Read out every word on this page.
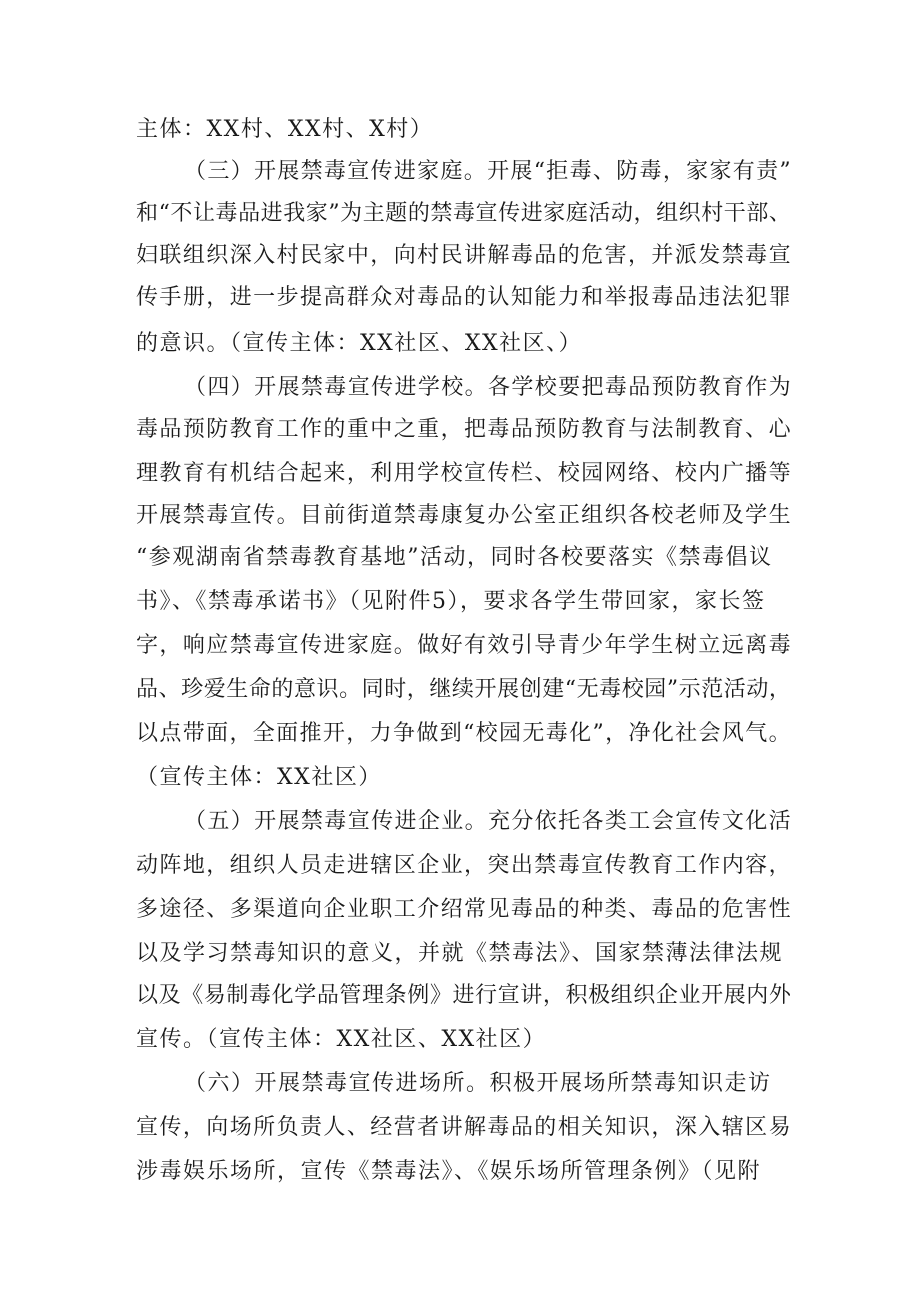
主体：XX村、XX村、X村）
（三）开展禁毒宣传进家庭。开展“拒毒、防毒，家家有责”
和“不让毒品进我家”为主题的禁毒宣传进家庭活动，组织村干部、
妇联组织深入村民家中，向村民讲解毒品的危害，并派发禁毒宣
传手册，进一步提高群众对毒品的认知能力和举报毒品违法犯罪
的意识。（宣传主体：XX社区、XX社区、）
（四）开展禁毒宣传进学校。各学校要把毒品预防教育作为
毒品预防教育工作的重中之重，把毒品预防教育与法制教育、心
理教育有机结合起来，利用学校宣传栏、校园网络、校内广播等
开展禁毒宣传。目前街道禁毒康复办公室正组织各校老师及学生
“参观湖南省禁毒教育基地”活动，同时各校要落实《禁毒倡议
书》、《禁毒承诺书》（见附件5），要求各学生带回家，家长签
字，响应禁毒宣传进家庭。做好有效引导青少年学生树立远离毒
品、珍爱生命的意识。同时，继续开展创建“无毒校园”示范活动，
以点带面，全面推开，力争做到“校园无毒化”，净化社会风气。
（宣传主体：XX社区）
（五）开展禁毒宣传进企业。充分依托各类工会宣传文化活
动阵地，组织人员走进辖区企业，突出禁毒宣传教育工作内容，
多途径、多渠道向企业职工介绍常见毒品的种类、毒品的危害性
以及学习禁毒知识的意义，并就《禁毒法》、国家禁薄法律法规
以及《易制毒化学品管理条例》进行宣讲，积极组织企业开展内外
宣传。（宣传主体：XX社区、XX社区）
（六）开展禁毒宣传进场所。积极开展场所禁毒知识走访
宣传，向场所负责人、经营者讲解毒品的相关知识，深入辖区易
涉毒娱乐场所，宣传《禁毒法》、《娱乐场所管理条例》（见附
